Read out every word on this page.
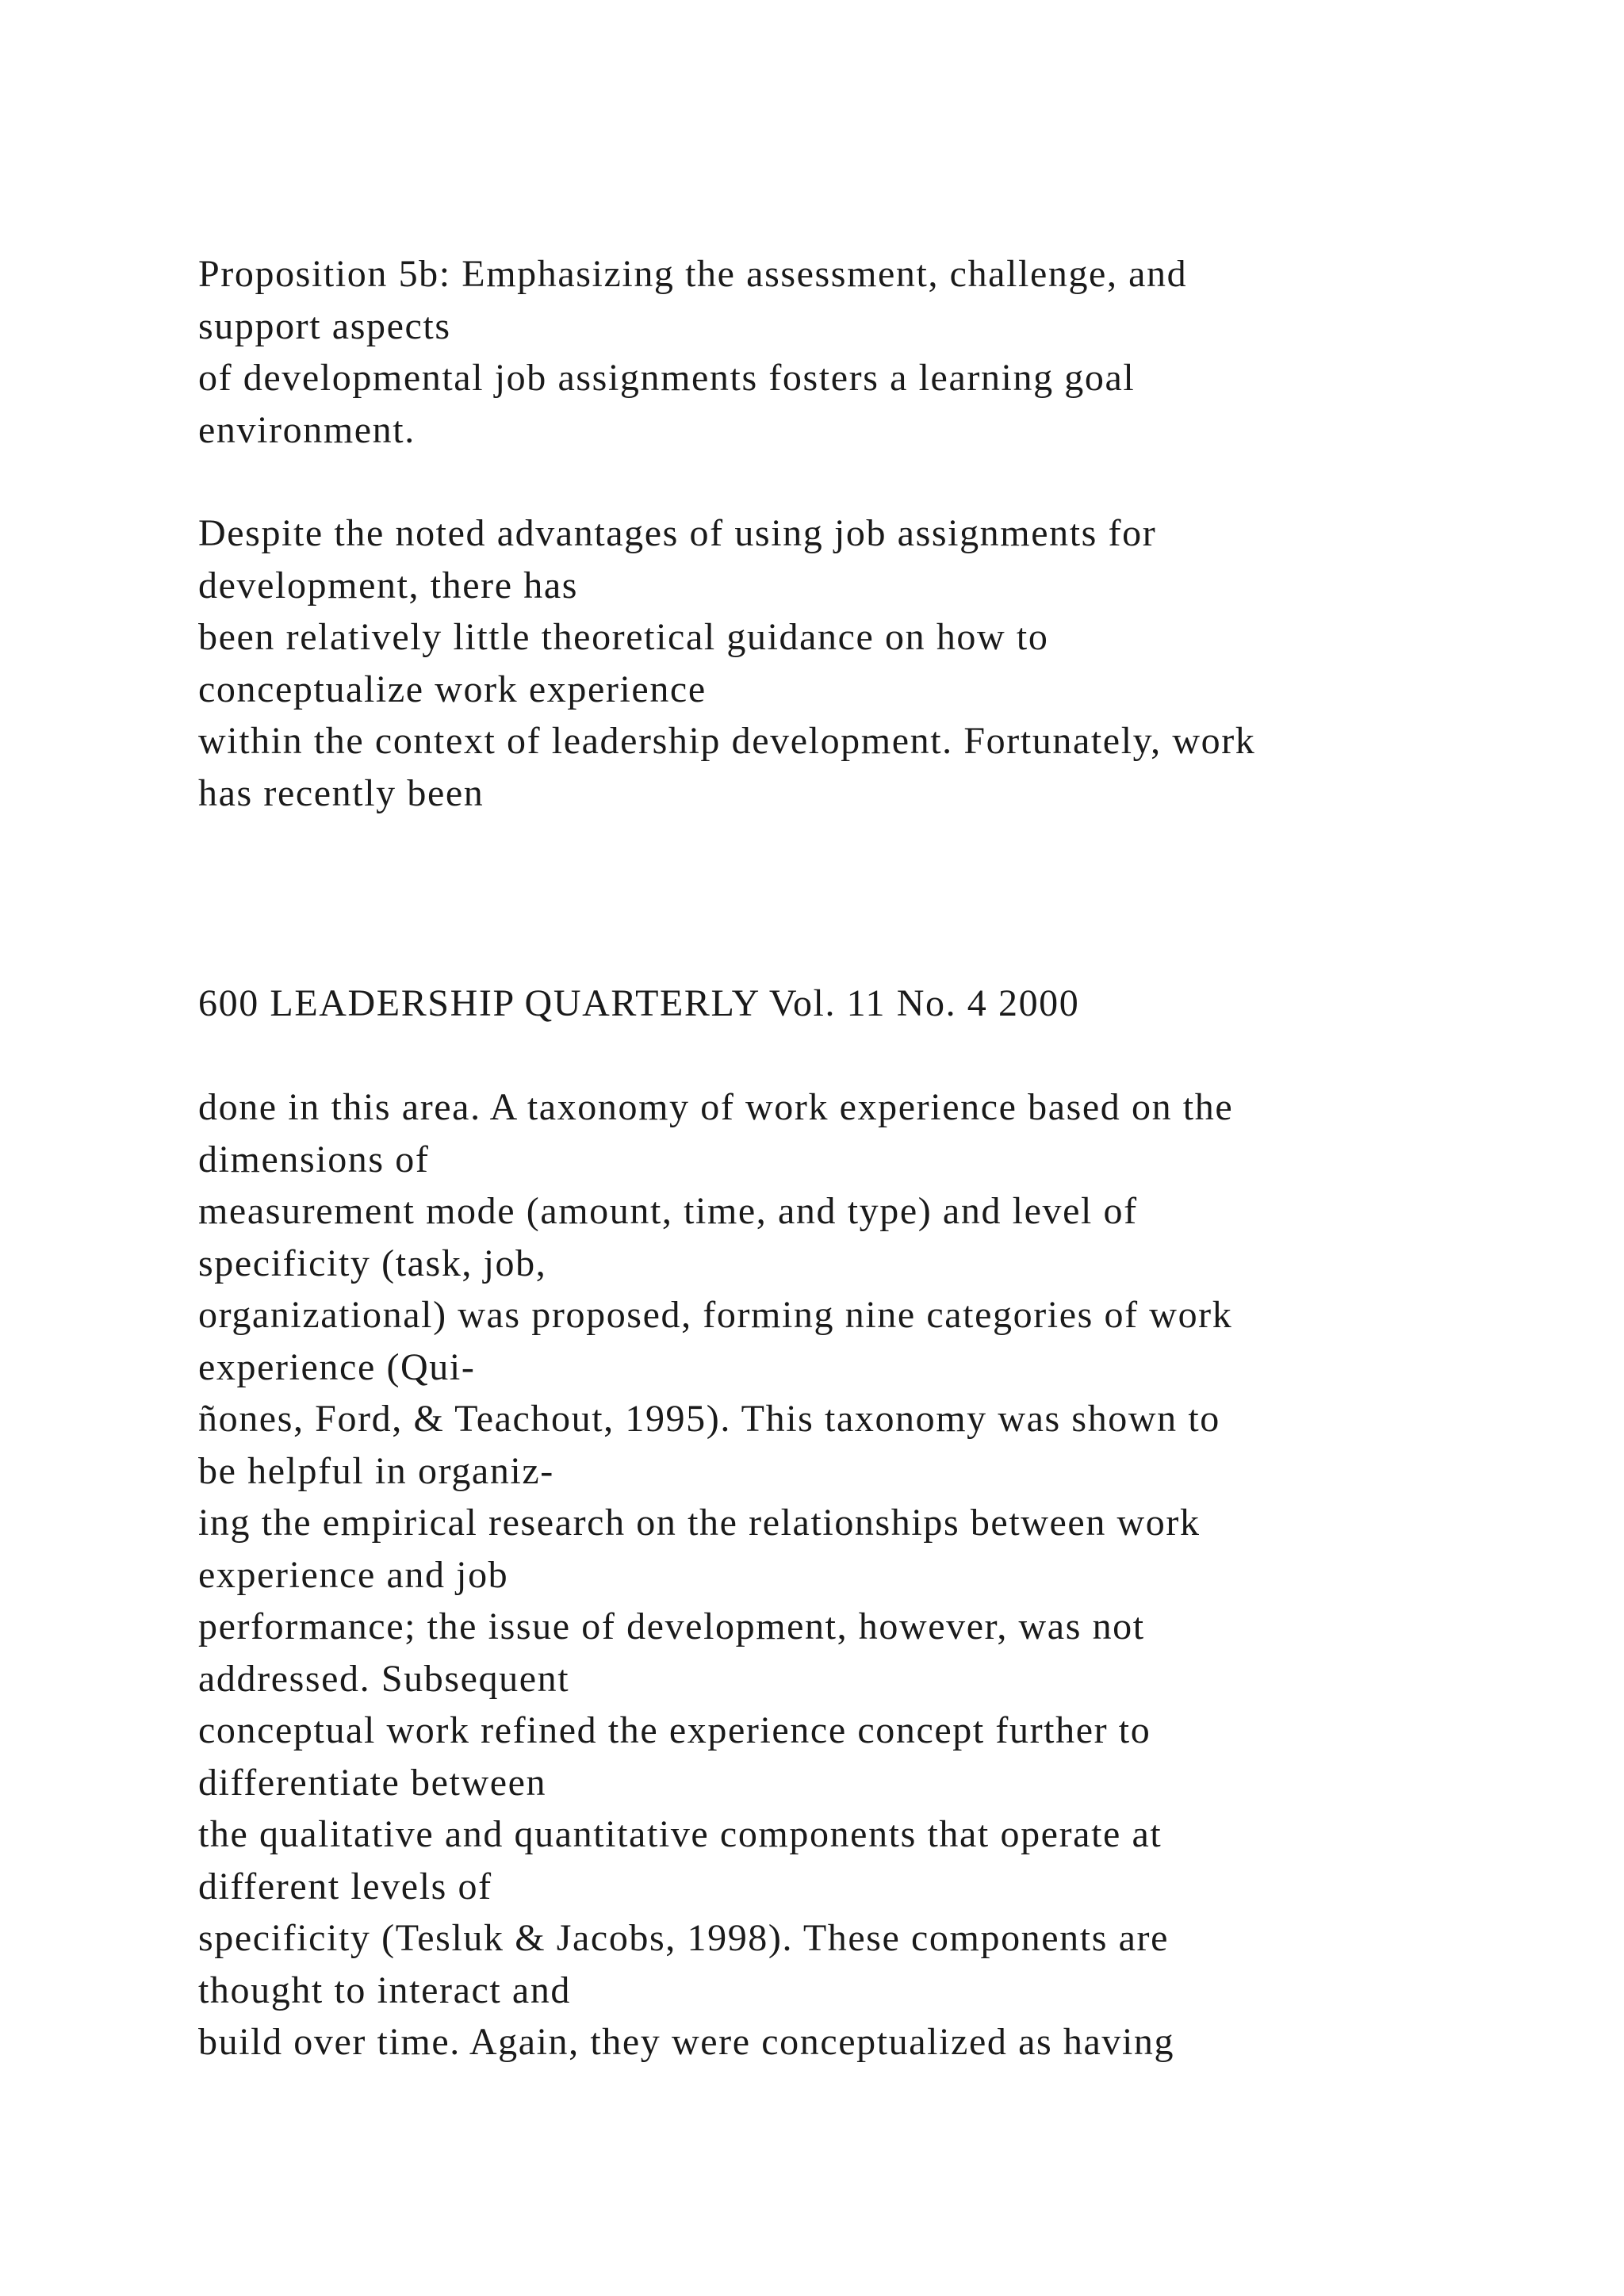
Proposition 5b: Emphasizing the assessment, challenge, and
support aspects
of developmental job assignments fosters a learning goal
environment.
Despite the noted advantages of using job assignments for
development, there has
been relatively little theoretical guidance on how to
conceptualize work experience
within the context of leadership development. Fortunately, work
has recently been
600 LEADERSHIP QUARTERLY Vol. 11 No. 4 2000
done in this area. A taxonomy of work experience based on the
dimensions of
measurement mode (amount, time, and type) and level of
specificity (task, job,
organizational) was proposed, forming nine categories of work
experience (Qui-
ñones, Ford, & Teachout, 1995). This taxonomy was shown to
be helpful in organiz-
ing the empirical research on the relationships between work
experience and job
performance; the issue of development, however, was not
addressed. Subsequent
conceptual work refined the experience concept further to
differentiate between
the qualitative and quantitative components that operate at
different levels of
specificity (Tesluk & Jacobs, 1998). These components are
thought to interact and
build over time. Again, they were conceptualized as having
